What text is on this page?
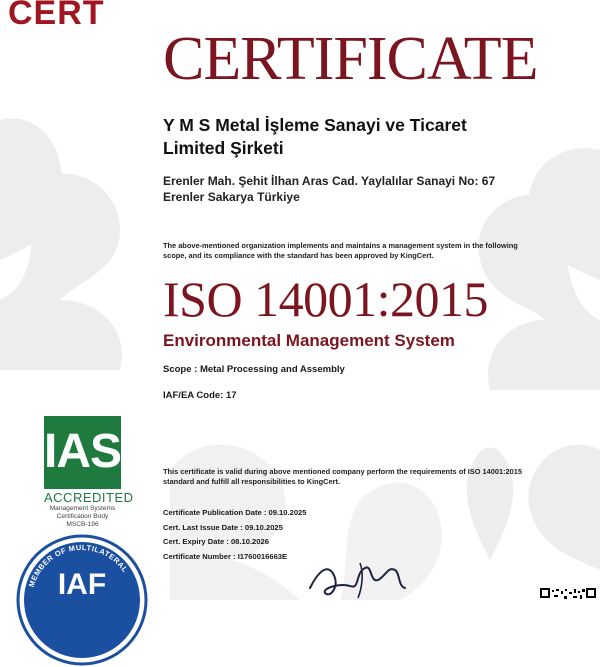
CERT
CERTIFICATE
Y M S Metal İşleme Sanayi ve Ticaret
Limited Şirketi
Erenler Mah. Şehit İlhan Aras Cad. Yaylalılar Sanayi No: 67
Erenler Sakarya Türkiye
The above-mentioned organization implements and maintains a management system in the following scope, and its compliance with the standard has been approved by KingCert.
ISO 14001:2015
Environmental Management System
Scope : Metal Processing and Assembly
IAF/EA Code: 17
This certificate is valid during above mentioned company perform the requirements of ISO 14001:2015 standard and fulfill all responsibilities to KingCert.
Certificate Publication Date : 09.10.2025
Cert. Last Issue Date : 09.10.2025
Cert. Expiry Date : 08.10.2026
Certificate Number : I1760016663E
IAS
ACCREDITED
Management Systems
Certification Body
MSCB-196
MEMBER OF MULTILATERAL
IAF
